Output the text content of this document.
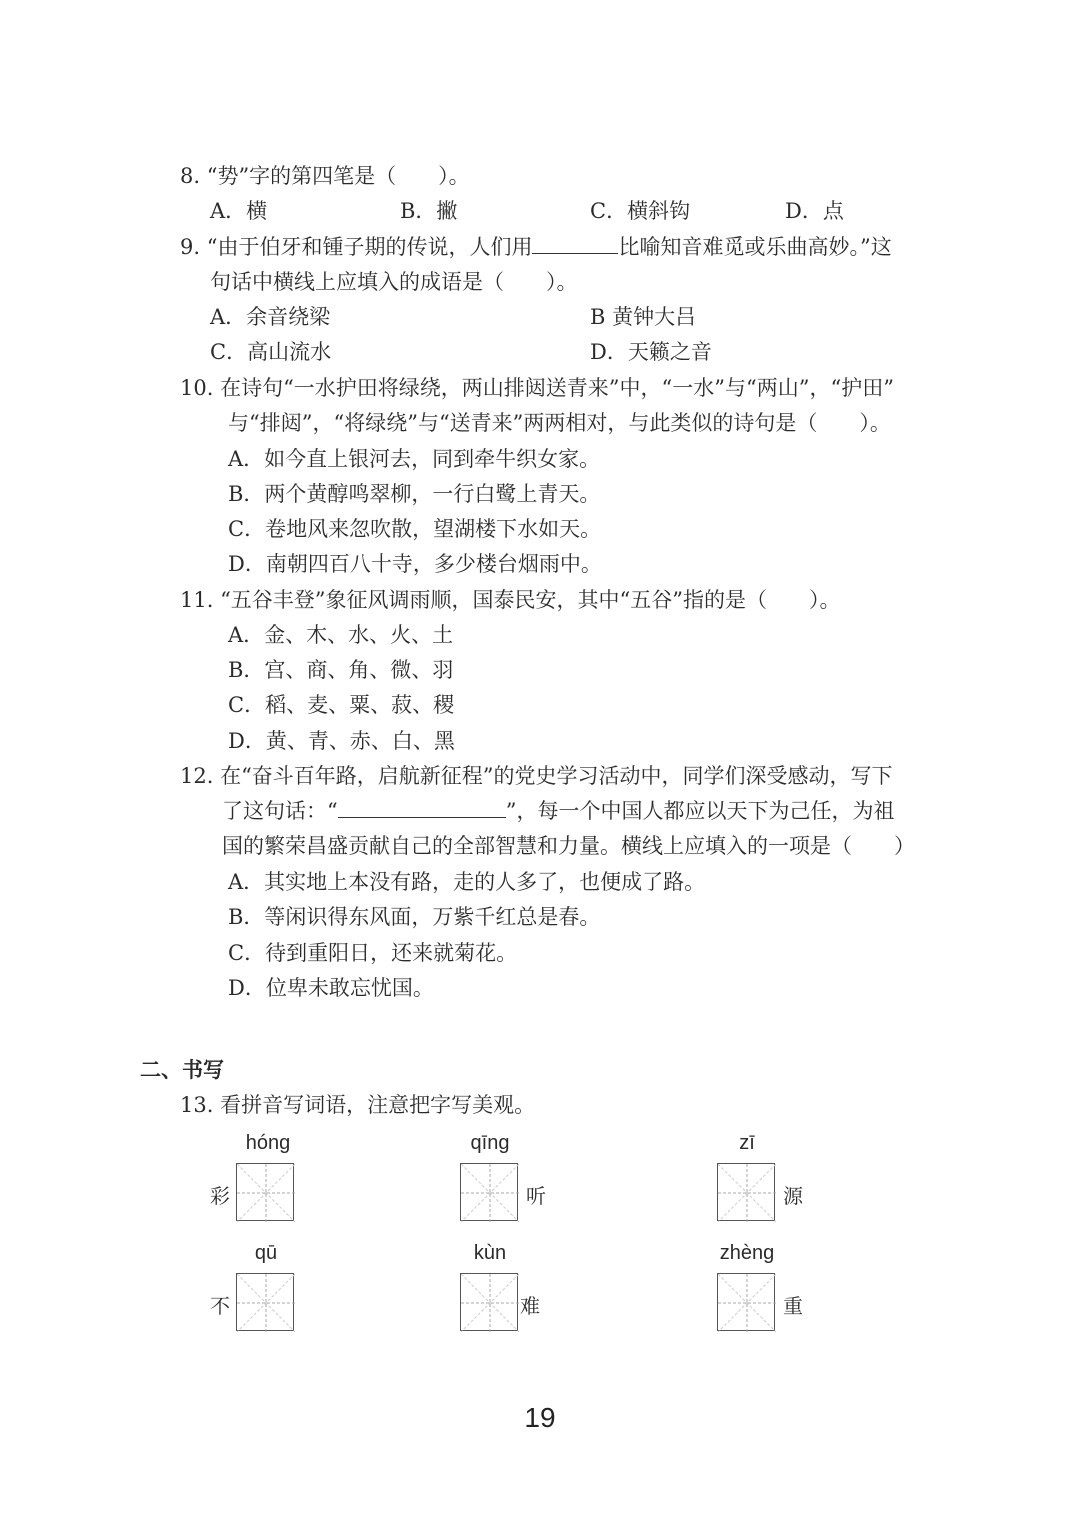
8. “势”字的第四笔是（　　）。
A．横	B．撇	C．横斜钩	D．点
9. “由于伯牙和锺子期的传说，人们用	比喻知音难觅或乐曲高妙。”这
句话中横线上应填入的成语是（　　）。
A．余音绕梁	B 黄钟大吕
C．高山流水	D．天籁之音
10. 在诗句“一水护田将绿绕，两山排闼送青来”中，“一水”与“两山”，“护田”
与“排闼”，“将绿绕”与“送青来”两两相对，与此类似的诗句是（　　）。
A．如今直上银河去，同到牵牛织女家。
B．两个黄醇鸣翠柳，一行白鹭上青天。
C．卷地风来忽吹散，望湖楼下水如天。
D．南朝四百八十寺，多少楼台烟雨中。
11. “五谷丰登”象征风调雨顺，国泰民安，其中“五谷”指的是（　　）。
A．金、木、水、火、土
B．宫、商、角、微、羽
C．稻、麦、粟、菽、稷
D．黄、青、赤、白、黑
12. 在“奋斗百年路，启航新征程”的党史学习活动中，同学们深受感动，写下
了这句话：“	”，每一个中国人都应以天下为己任，为祖
国的繁荣昌盛贡献自己的全部智慧和力量。横线上应填入的一项是（　　）
A．其实地上本没有路，走的人多了，也便成了路。
B．等闲识得东风面，万紫千红总是春。
C．待到重阳日，还来就菊花。
D．位卑未敢忘忧国。
二、书写
13. 看拼音写词语，注意把字写美观。
hóng
彩
qīng
听
zī
源
qū
不
kùn
难
zhèng
重
19
